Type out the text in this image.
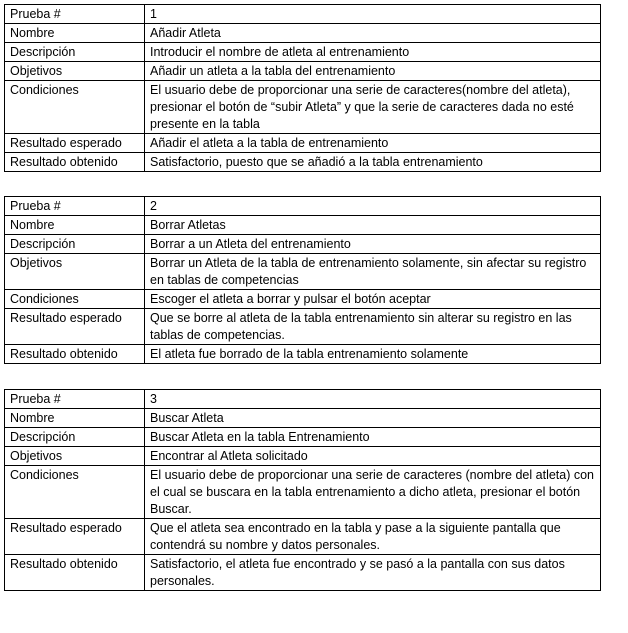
Prueba #	1
Nombre	Añadir Atleta
Descripción	Introducir el nombre de atleta al entrenamiento
Objetivos	Añadir un atleta a la tabla del entrenamiento
Condiciones	El usuario debe de proporcionar una serie de caracteres(nombre del atleta), presionar el botón de “subir Atleta” y que la serie de caracteres dada no esté presente en la tabla
Resultado esperado	Añadir el atleta a la tabla de entrenamiento
Resultado obtenido	Satisfactorio, puesto que se añadió a la tabla entrenamiento
Prueba #	2
Nombre	Borrar Atletas
Descripción	Borrar a un Atleta del entrenamiento
Objetivos	Borrar un Atleta de la tabla de entrenamiento solamente, sin afectar su registro en tablas de competencias
Condiciones	Escoger el atleta a borrar y pulsar el botón aceptar
Resultado esperado	Que se borre al atleta de la tabla entrenamiento sin alterar su registro en las tablas de competencias.
Resultado obtenido	El atleta fue borrado de la tabla entrenamiento solamente
Prueba #	3
Nombre	Buscar Atleta
Descripción	Buscar Atleta en la tabla Entrenamiento
Objetivos	Encontrar al Atleta solicitado
Condiciones	El usuario debe de proporcionar una serie de caracteres (nombre del atleta) con el cual se buscara en la tabla entrenamiento a dicho atleta, presionar el botón Buscar.
Resultado esperado	Que el atleta sea encontrado en la tabla y pase a la siguiente pantalla que contendrá su nombre y datos personales.
Resultado obtenido	Satisfactorio, el atleta fue encontrado y se pasó a la pantalla con sus datos personales.
